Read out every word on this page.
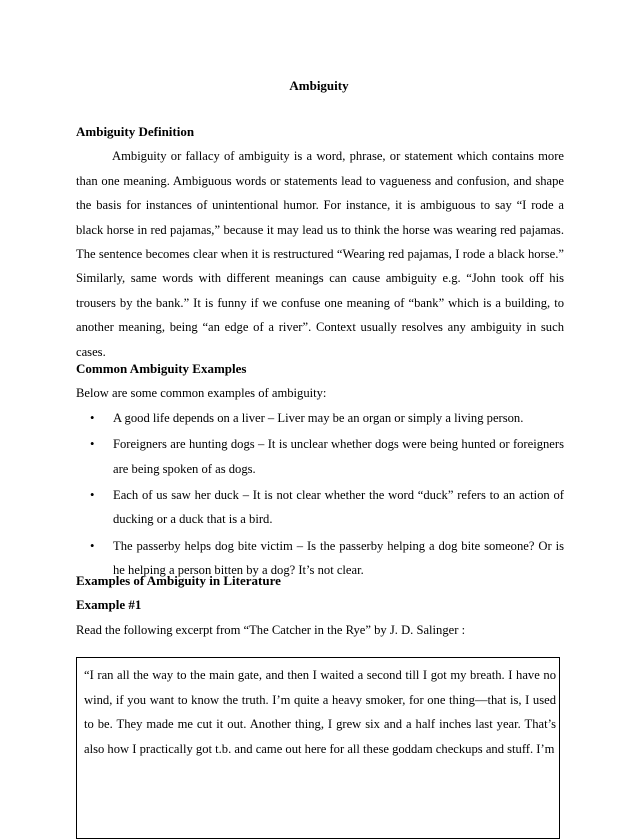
Ambiguity
Ambiguity Definition
Ambiguity or fallacy of ambiguity is a word, phrase, or statement which contains more than one meaning. Ambiguous words or statements lead to vagueness and confusion, and shape the basis for instances of unintentional humor. For instance, it is ambiguous to say “I rode a black horse in red pajamas,” because it may lead us to think the horse was wearing red pajamas. The sentence becomes clear when it is restructured “Wearing red pajamas, I rode a black horse.” Similarly, same words with different meanings can cause ambiguity e.g. “John took off his trousers by the bank.” It is funny if we confuse one meaning of “bank” which is a building, to another meaning, being “an edge of a river”. Context usually resolves any ambiguity in such cases.
Common Ambiguity Examples
Below are some common examples of ambiguity:
• A good life depends on a liver – Liver may be an organ or simply a living person.
• Foreigners are hunting dogs – It is unclear whether dogs were being hunted or foreigners are being spoken of as dogs.
• Each of us saw her duck – It is not clear whether the word “duck” refers to an action of ducking or a duck that is a bird.
• The passerby helps dog bite victim – Is the passerby helping a dog bite someone? Or is he helping a person bitten by a dog? It’s not clear.
Examples of Ambiguity in Literature
Example #1
Read the following excerpt from “The Catcher in the Rye” by J. D. Salinger :
“I ran all the way to the main gate, and then I waited a second till I got my breath. I have no wind, if you want to know the truth. I’m quite a heavy smoker, for one thing—that is, I used to be. They made me cut it out. Another thing, I grew six and a half inches last year. That’s also how I practically got t.b. and came out here for all these goddam checkups and stuff. I’m
